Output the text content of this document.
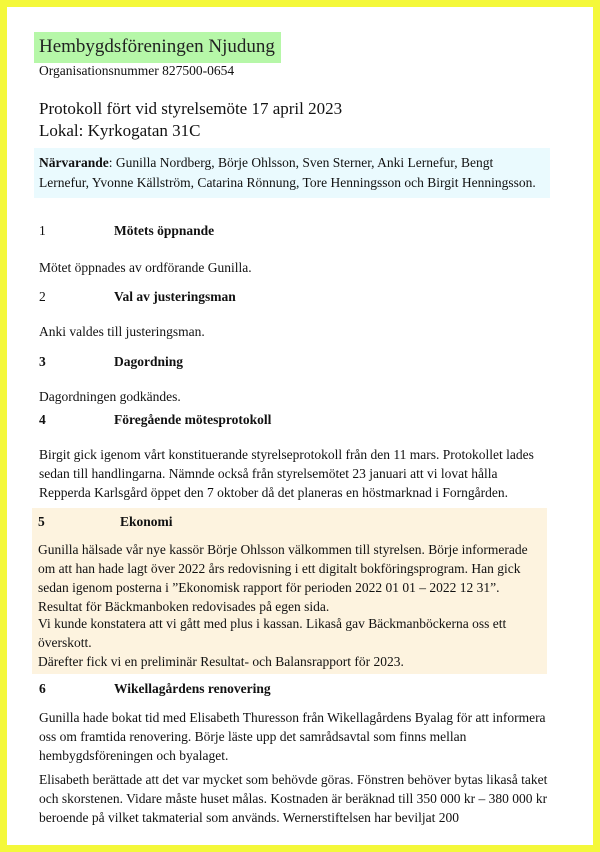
Hembygdsföreningen Njudung
Organisationsnummer 827500-0654
Protokoll fört vid styrelsemöte 17 april 2023
Lokal: Kyrkogatan 31C
Närvarande: Gunilla Nordberg, Börje Ohlsson, Sven Sterner, Anki Lernefur, Bengt Lernefur, Yvonne Källström, Catarina Rönnung, Tore Henningsson och Birgit Henningsson.
1	Mötets öppnande
Mötet öppnades av ordförande Gunilla.
2	Val av justeringsman
Anki valdes till justeringsman.
3	Dagordning
Dagordningen godkändes.
4	Föregående mötesprotokoll
Birgit gick igenom vårt konstituerande styrelseprotokoll från den 11 mars. Protokollet lades sedan till handlingarna. Nämnde också från styrelsemötet 23 januari att vi lovat hålla Repperda Karlsgård öppet den 7 oktober då det planeras en höstmarknad i Forngården.
5	Ekonomi
Gunilla hälsade vår nye kassör Börje Ohlsson välkommen till styrelsen. Börje informerade om att han hade lagt över 2022 års redovisning i ett digitalt bokföringsprogram. Han gick sedan igenom posterna i ”Ekonomisk rapport för perioden 2022 01 01 – 2022 12 31”. Resultat för Bäckmanboken redovisades på egen sida.
Vi kunde konstatera att vi gått med plus i kassan. Likaså gav Bäckmanböckerna oss ett överskott.
Därefter fick vi en preliminär Resultat- och Balansrapport för 2023.
6	Wikellagårdens renovering
Gunilla hade bokat tid med Elisabeth Thuresson från Wikellagårdens Byalag för att informera oss om framtida renovering. Börje läste upp det samrådsavtal som finns mellan hembygdsföreningen och byalaget.
Elisabeth berättade att det var mycket som behövde göras. Fönstren behöver bytas likaså taket och skorstenen. Vidare måste huset målas. Kostnaden är beräknad till 350 000 kr – 380 000 kr beroende på vilket takmaterial som används. Wernerstiftelsen har beviljat 200
